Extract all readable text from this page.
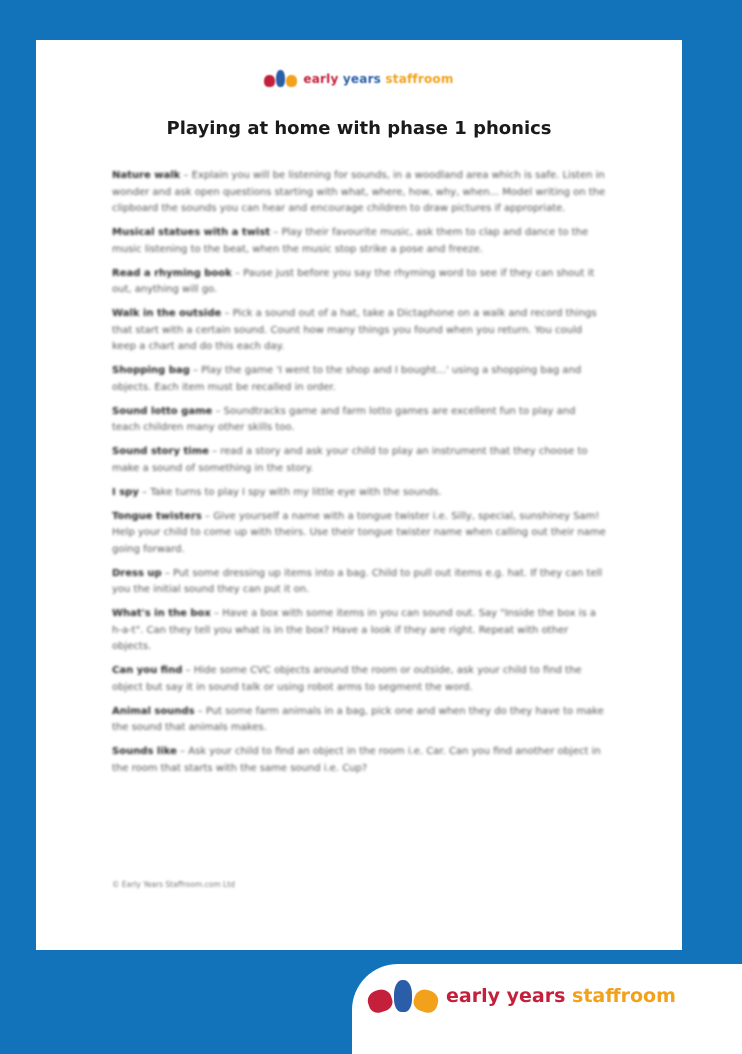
early years staffroom
Playing at home with phase 1 phonics

Nature walk – Explain you will be listening for sounds, in a woodland area which is safe. Listen in wonder and ask open questions starting with what, where, how, why, when... Model writing on the clipboard the sounds you can hear and encourage children to draw pictures if appropriate.

Musical statues with a twist – Play their favourite music, ask them to clap and dance to the music listening to the beat, when the music stop strike a pose and freeze.

Read a rhyming book – Pause just before you say the rhyming word to see if they can shout it out, anything will go.

Walk in the outside – Pick a sound out of a hat, take a Dictaphone on a walk and record things that start with a certain sound. Count how many things you found when you return. You could keep a chart and do this each day.

Shopping bag – Play the game 'I went to the shop and I bought...' using a shopping bag and objects. Each item must be recalled in order.

Sound lotto game – Soundtracks game and farm lotto games are excellent fun to play and teach children many other skills too.

Sound story time – read a story and ask your child to play an instrument that they choose to make a sound of something in the story.

I spy – Take turns to play I spy with my little eye with the sounds.

Tongue twisters – Give yourself a name with a tongue twister i.e. Silly, special, sunshiney Sam! Help your child to come up with theirs. Use their tongue twister name when calling out their name going forward.

Dress up – Put some dressing up items into a bag. Child to pull out items e.g. hat. If they can tell you the initial sound they can put it on.

What's in the box – Have a box with some items in you can sound out. Say "Inside the box is a h-a-t". Can they tell you what is in the box? Have a look if they are right. Repeat with other objects.

Can you find – Hide some CVC objects around the room or outside, ask your child to find the object but say it in sound talk or using robot arms to segment the word.

Animal sounds – Put some farm animals in a bag, pick one and when they do they have to make the sound that animals makes.

Sounds like – Ask your child to find an object in the room i.e. Car. Can you find another object in the room that starts with the same sound i.e. Cup?

© Early Years Staffroom.com Ltd
early years staffroom
